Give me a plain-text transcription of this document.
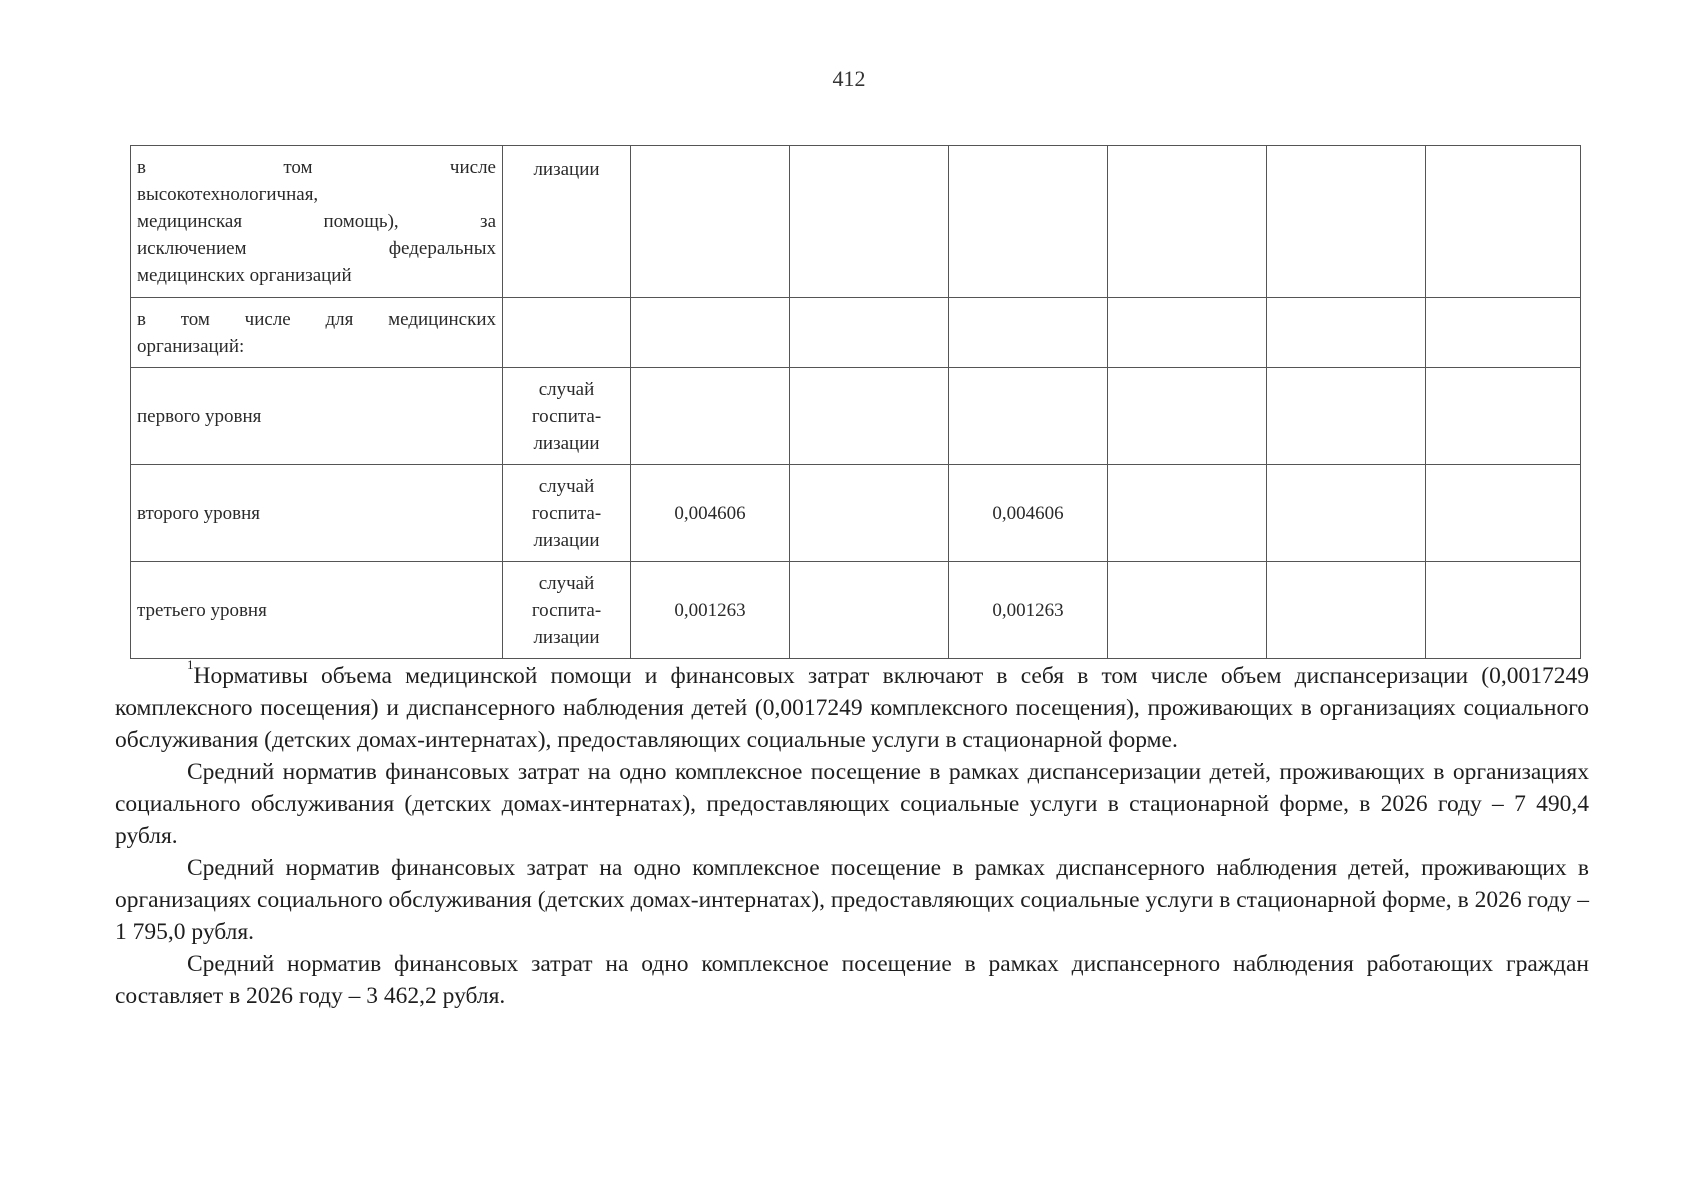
412
в том числе
высокотехнологичная,
медицинская помощь), за
исключением федеральных
медицинских организаций	лизации						

в том числе для медицинских
организаций:							

первого уровня	случай
госпита-
лизации						

второго уровня	случай
госпита-
лизации	0,004606		0,004606			
третьего уровня	случай
госпита-
лизации	0,001263		0,001263			

$^1$Нормативы объема медицинской помощи и финансовых затрат включают в себя в том числе объем диспансеризации (0,0017249 комплексного посещения) и диспансерного наблюдения детей (0,0017249 комплексного посещения), проживающих в организациях социального обслуживания (детских домах-интернатах), предоставляющих социальные услуги в стационарной форме.

Средний норматив финансовых затрат на одно комплексное посещение в рамках диспансеризации детей, проживающих в организациях социального обслуживания (детских домах-интернатах), предоставляющих социальные услуги в стационарной форме, в 2026 году – 7 490,4 рубля.

Средний норматив финансовых затрат на одно комплексное посещение в рамках диспансерного наблюдения детей, проживающих в организациях социального обслуживания (детских домах-интернатах), предоставляющих социальные услуги в стационарной форме, в 2026 году – 1 795,0 рубля.

Средний норматив финансовых затрат на одно комплексное посещение в рамках диспансерного наблюдения работающих граждан составляет в 2026 году – 3 462,2 рубля.
